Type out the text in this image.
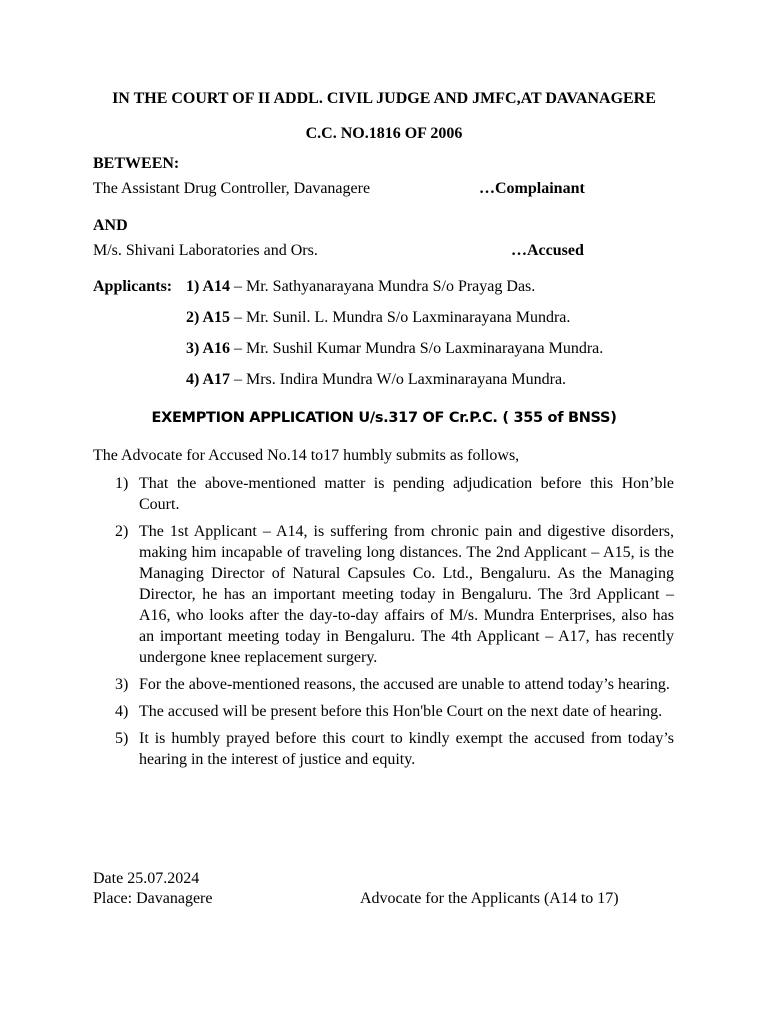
IN THE COURT OF II ADDL. CIVIL JUDGE AND JMFC,AT DAVANAGERE
C.C. NO.1816 OF 2006
BETWEEN:
The Assistant Drug Controller, Davanagere	…Complainant
AND
M/s. Shivani Laboratories and Ors.	…Accused
Applicants: 1) A14 – Mr. Sathyanarayana Mundra S/o Prayag Das.
2) A15 – Mr. Sunil. L. Mundra S/o Laxminarayana Mundra.
3) A16 – Mr. Sushil Kumar Mundra S/o Laxminarayana Mundra.
4) A17 – Mrs. Indira Mundra W/o Laxminarayana Mundra.
EXEMPTION APPLICATION U/s.317 OF Cr.P.C. ( 355 of BNSS)
The Advocate for Accused No.14 to17 humbly submits as follows,
1) That the above-mentioned matter is pending adjudication before this Hon’ble Court.
2) The 1st Applicant – A14, is suffering from chronic pain and digestive disorders, making him incapable of traveling long distances. The 2nd Applicant – A15, is the Managing Director of Natural Capsules Co. Ltd., Bengaluru. As the Managing Director, he has an important meeting today in Bengaluru. The 3rd Applicant – A16, who looks after the day-to-day affairs of M/s. Mundra Enterprises, also has an important meeting today in Bengaluru. The 4th Applicant – A17, has recently undergone knee replacement surgery.
3) For the above-mentioned reasons, the accused are unable to attend today’s hearing.
4) The accused will be present before this Hon'ble Court on the next date of hearing.
5) It is humbly prayed before this court to kindly exempt the accused from today’s hearing in the interest of justice and equity.
Date 25.07.2024
Place: Davanagere	Advocate for the Applicants (A14 to 17)
